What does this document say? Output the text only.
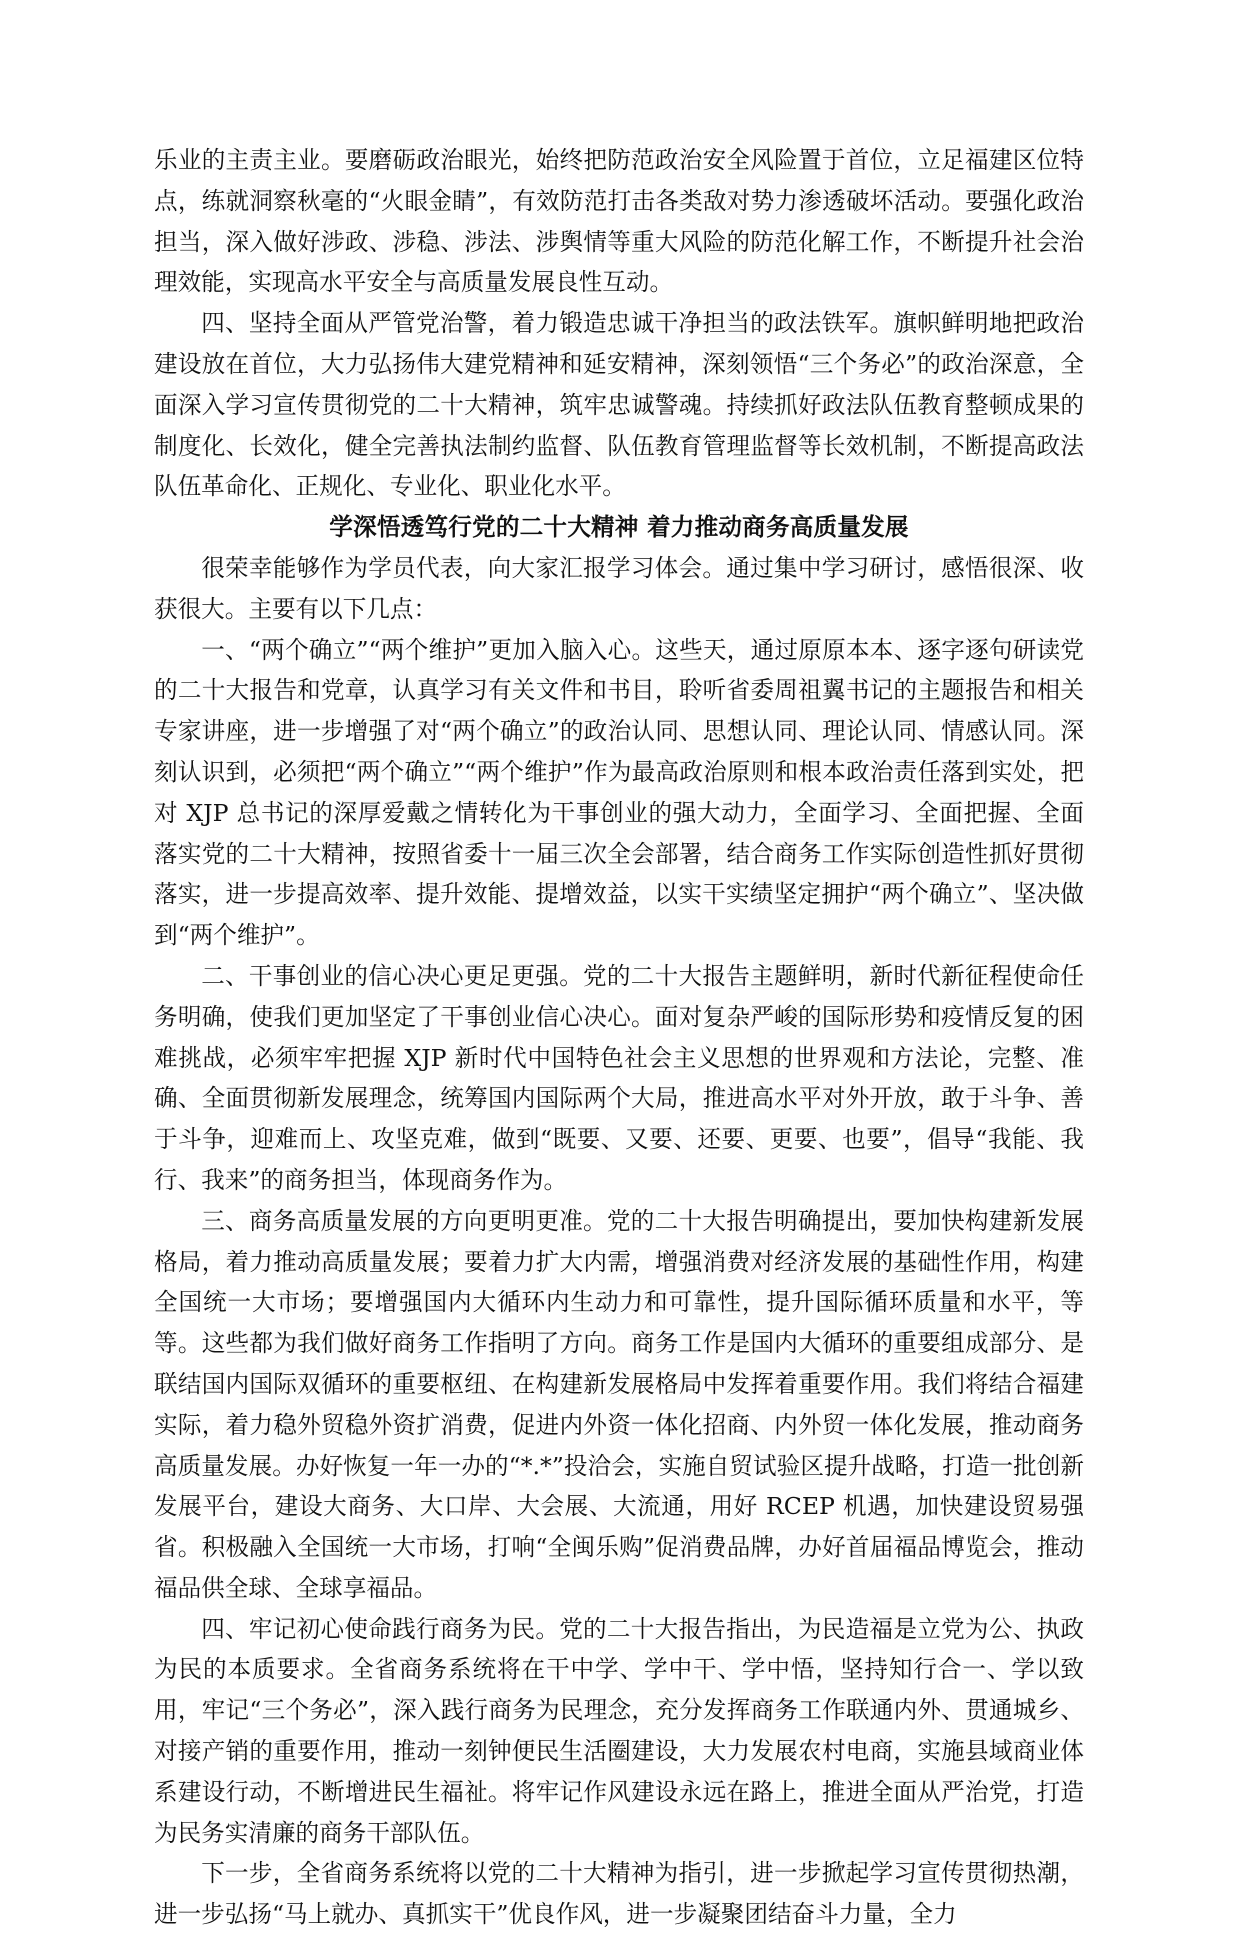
乐业的主责主业。要磨砺政治眼光，始终把防范政治安全风险置于首位，立足福建区位特点，练就洞察秋毫的“火眼金睛”，有效防范打击各类敌对势力渗透破坏活动。要强化政治担当，深入做好涉政、涉稳、涉法、涉舆情等重大风险的防范化解工作，不断提升社会治理效能，实现高水平安全与高质量发展良性互动。

四、坚持全面从严管党治警，着力锻造忠诚干净担当的政法铁军。旗帜鲜明地把政治建设放在首位，大力弘扬伟大建党精神和延安精神，深刻领悟“三个务必”的政治深意，全面深入学习宣传贯彻党的二十大精神，筑牢忠诚警魂。持续抓好政法队伍教育整顿成果的制度化、长效化，健全完善执法制约监督、队伍教育管理监督等长效机制，不断提高政法队伍革命化、正规化、专业化、职业化水平。

学深悟透笃行党的二十大精神 着力推动商务高质量发展

很荣幸能够作为学员代表，向大家汇报学习体会。通过集中学习研讨，感悟很深、收获很大。主要有以下几点：

一、“两个确立”“两个维护”更加入脑入心。这些天，通过原原本本、逐字逐句研读党的二十大报告和党章，认真学习有关文件和书目，聆听省委周祖翼书记的主题报告和相关专家讲座，进一步增强了对“两个确立”的政治认同、思想认同、理论认同、情感认同。深刻认识到，必须把“两个确立”“两个维护”作为最高政治原则和根本政治责任落到实处，把对 XJP 总书记的深厚爱戴之情转化为干事创业的强大动力，全面学习、全面把握、全面落实党的二十大精神，按照省委十一届三次全会部署，结合商务工作实际创造性抓好贯彻落实，进一步提高效率、提升效能、提增效益，以实干实绩坚定拥护“两个确立”、坚决做到“两个维护”。

二、干事创业的信心决心更足更强。党的二十大报告主题鲜明，新时代新征程使命任务明确，使我们更加坚定了干事创业信心决心。面对复杂严峻的国际形势和疫情反复的困难挑战，必须牢牢把握 XJP 新时代中国特色社会主义思想的世界观和方法论，完整、准确、全面贯彻新发展理念，统筹国内国际两个大局，推进高水平对外开放，敢于斗争、善于斗争，迎难而上、攻坚克难，做到“既要、又要、还要、更要、也要”，倡导“我能、我行、我来”的商务担当，体现商务作为。

三、商务高质量发展的方向更明更准。党的二十大报告明确提出，要加快构建新发展格局，着力推动高质量发展；要着力扩大内需，增强消费对经济发展的基础性作用，构建全国统一大市场；要增强国内大循环内生动力和可靠性，提升国际循环质量和水平，等等。这些都为我们做好商务工作指明了方向。商务工作是国内大循环的重要组成部分、是联结国内国际双循环的重要枢纽、在构建新发展格局中发挥着重要作用。我们将结合福建实际，着力稳外贸稳外资扩消费，促进内外资一体化招商、内外贸一体化发展，推动商务高质量发展。办好恢复一年一办的“*.*”投洽会，实施自贸试验区提升战略，打造一批创新发展平台，建设大商务、大口岸、大会展、大流通，用好 RCEP 机遇，加快建设贸易强省。积极融入全国统一大市场，打响“全闽乐购”促消费品牌，办好首届福品博览会，推动福品供全球、全球享福品。

四、牢记初心使命践行商务为民。党的二十大报告指出，为民造福是立党为公、执政为民的本质要求。全省商务系统将在干中学、学中干、学中悟，坚持知行合一、学以致用，牢记“三个务必”，深入践行商务为民理念，充分发挥商务工作联通内外、贯通城乡、对接产销的重要作用，推动一刻钟便民生活圈建设，大力发展农村电商，实施县域商业体系建设行动，不断增进民生福祉。将牢记作风建设永远在路上，推进全面从严治党，打造为民务实清廉的商务干部队伍。

下一步，全省商务系统将以党的二十大精神为指引，进一步掀起学习宣传贯彻热潮，进一步弘扬“马上就办、真抓实干”优良作风，进一步凝聚团结奋斗力量，全力
